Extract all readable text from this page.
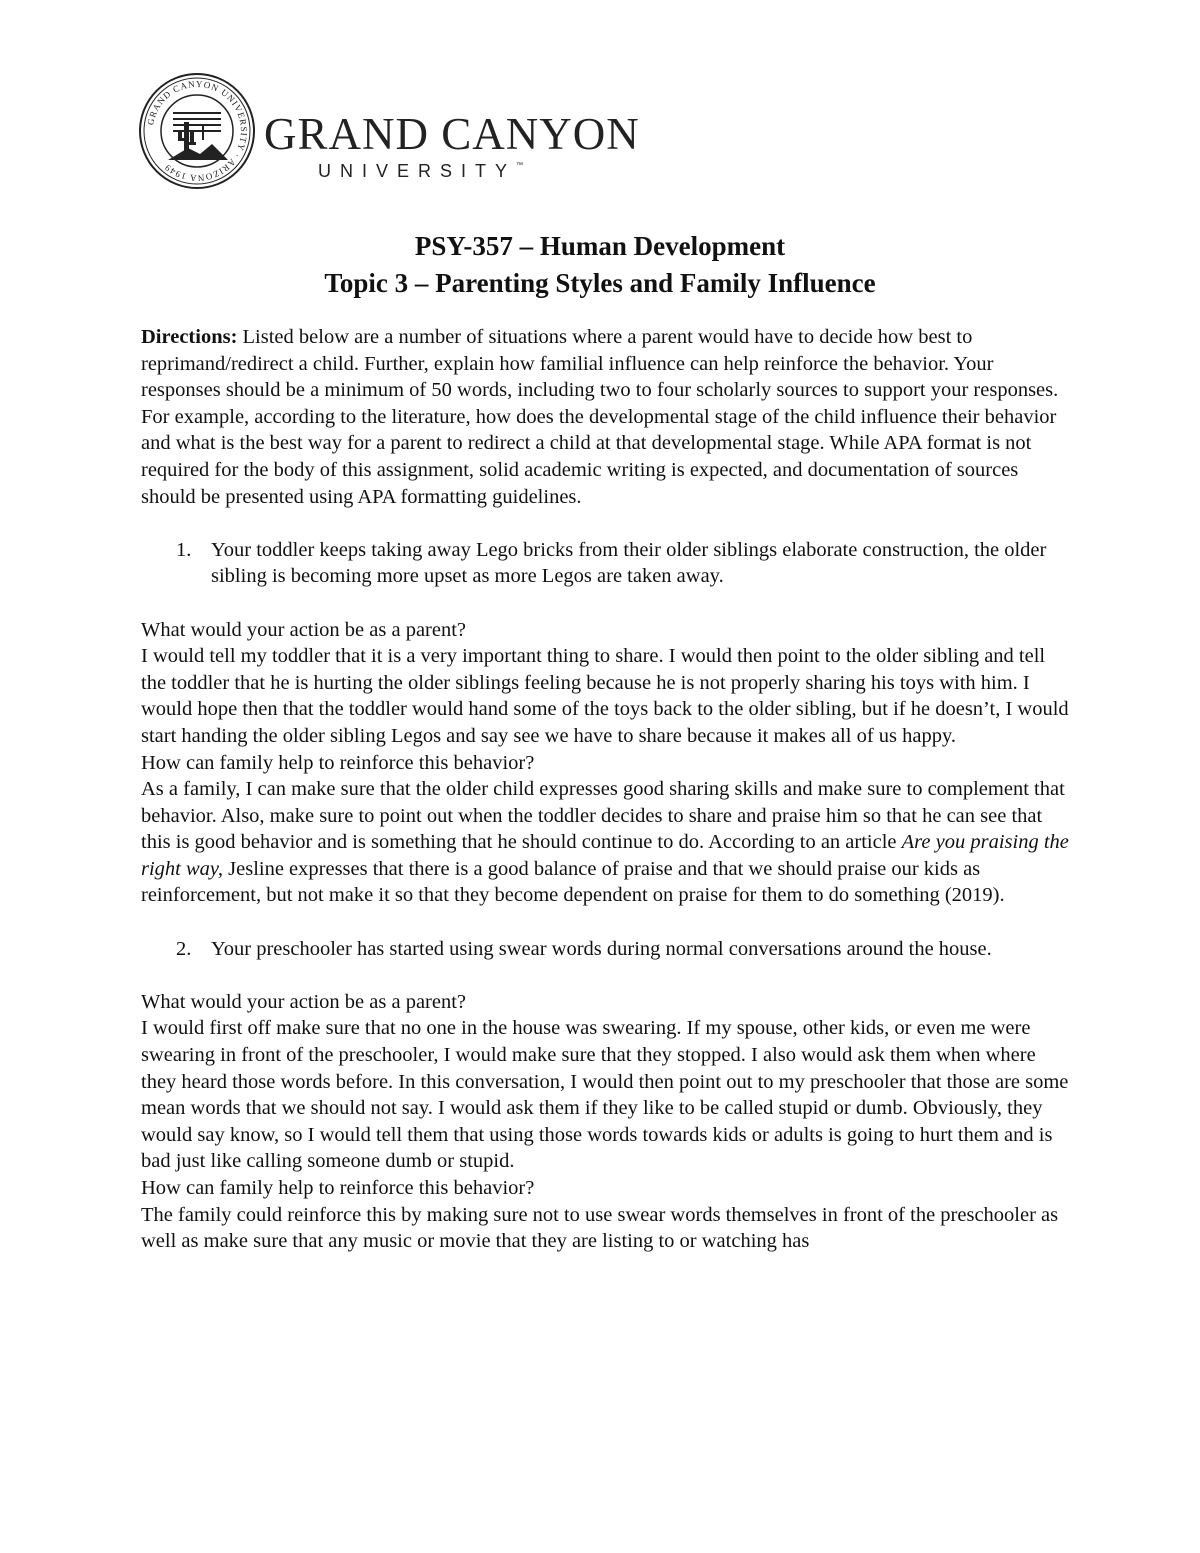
GRAND CANYON UNIVERSITY · ARIZONA 1949
GRAND CANYON
UNIVERSITY™

PSY-357 – Human Development

Topic 3 – Parenting Styles and Family Influence

Directions: Listed below are a number of situations where a parent would have to decide how best to reprimand/redirect a child. Further, explain how familial influence can help reinforce the behavior. Your responses should be a minimum of 50 words, including two to four scholarly sources to support your responses. For example, according to the literature, how does the developmental stage of the child influence their behavior and what is the best way for a parent to redirect a child at that developmental stage. While APA format is not required for the body of this assignment, solid academic writing is expected, and documentation of sources should be presented using APA formatting guidelines.

1. Your toddler keeps taking away Lego bricks from their older siblings elaborate construction, the older sibling is becoming more upset as more Legos are taken away.

What would your action be as a parent?

I would tell my toddler that it is a very important thing to share. I would then point to the older sibling and tell the toddler that he is hurting the older siblings feeling because he is not properly sharing his toys with him. I would hope then that the toddler would hand some of the toys back to the older sibling, but if he doesn’t, I would start handing the older sibling Legos and say see we have to share because it makes all of us happy.

How can family help to reinforce this behavior?

As a family, I can make sure that the older child expresses good sharing skills and make sure to complement that behavior. Also, make sure to point out when the toddler decides to share and praise him so that he can see that this is good behavior and is something that he should continue to do. According to an article Are you praising the right way, Jesline expresses that there is a good balance of praise and that we should praise our kids as reinforcement, but not make it so that they become dependent on praise for them to do something (2019).

2. Your preschooler has started using swear words during normal conversations around the house.

What would your action be as a parent?

I would first off make sure that no one in the house was swearing. If my spouse, other kids, or even me were swearing in front of the preschooler, I would make sure that they stopped. I also would ask them when where they heard those words before. In this conversation, I would then point out to my preschooler that those are some mean words that we should not say. I would ask them if they like to be called stupid or dumb. Obviously, they would say know, so I would tell them that using those words towards kids or adults is going to hurt them and is bad just like calling someone dumb or stupid.

How can family help to reinforce this behavior?

The family could reinforce this by making sure not to use swear words themselves in front of the preschooler as well as make sure that any music or movie that they are listing to or watching has
